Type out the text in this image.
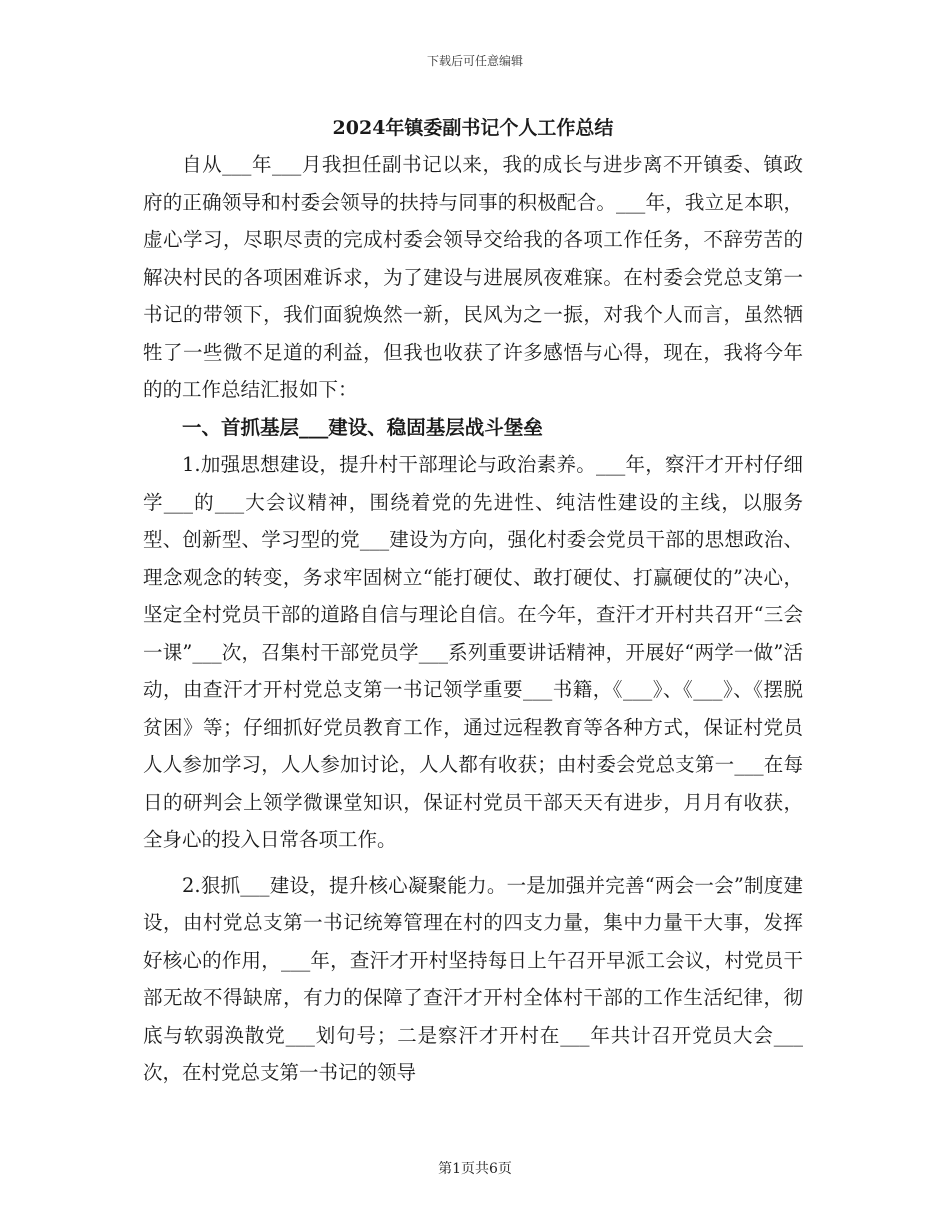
下载后可任意编辑
2024年镇委副书记个人工作总结

自从___年___月我担任副书记以来，我的成长与进步离不开镇委、镇政府的正确领导和村委会领导的扶持与同事的积极配合。___年，我立足本职，虚心学习，尽职尽责的完成村委会领导交给我的各项工作任务，不辞劳苦的解决村民的各项困难诉求，为了建设与进展夙夜难寐。在村委会党总支第一书记的带领下，我们面貌焕然一新，民风为之一振，对我个人而言，虽然牺牲了一些微不足道的利益，但我也收获了许多感悟与心得，现在，我将今年的的工作总结汇报如下：

一、首抓基层___建设、稳固基层战斗堡垒

1.加强思想建设，提升村干部理论与政治素养。___年，察汗才开村仔细学___的___大会议精神，围绕着党的先进性、纯洁性建设的主线，以服务型、创新型、学习型的党___建设为方向，强化村委会党员干部的思想政治、理念观念的转变，务求牢固树立“能打硬仗、敢打硬仗、打赢硬仗的”决心，坚定全村党员干部的道路自信与理论自信。在今年，查汗才开村共召开“三会一课”___次，召集村干部党员学___系列重要讲话精神，开展好“两学一做”活动，由查汗才开村党总支第一书记领学重要___书籍，《___》、《___》、《摆脱贫困》等；仔细抓好党员教育工作，通过远程教育等各种方式，保证村党员人人参加学习，人人参加讨论，人人都有收获；由村委会党总支第一___在每日的研判会上领学微课堂知识，保证村党员干部天天有进步，月月有收获，全身心的投入日常各项工作。

2.狠抓___建设，提升核心凝聚能力。一是加强并完善“两会一会”制度建设，由村党总支第一书记统筹管理在村的四支力量，集中力量干大事，发挥好核心的作用，___年，查汗才开村坚持每日上午召开早派工会议，村党员干部无故不得缺席，有力的保障了查汗才开村全体村干部的工作生活纪律，彻底与软弱涣散党___划句号；二是察汗才开村在___年共计召开党员大会___次，在村党总支第一书记的领导

第1页共6页
